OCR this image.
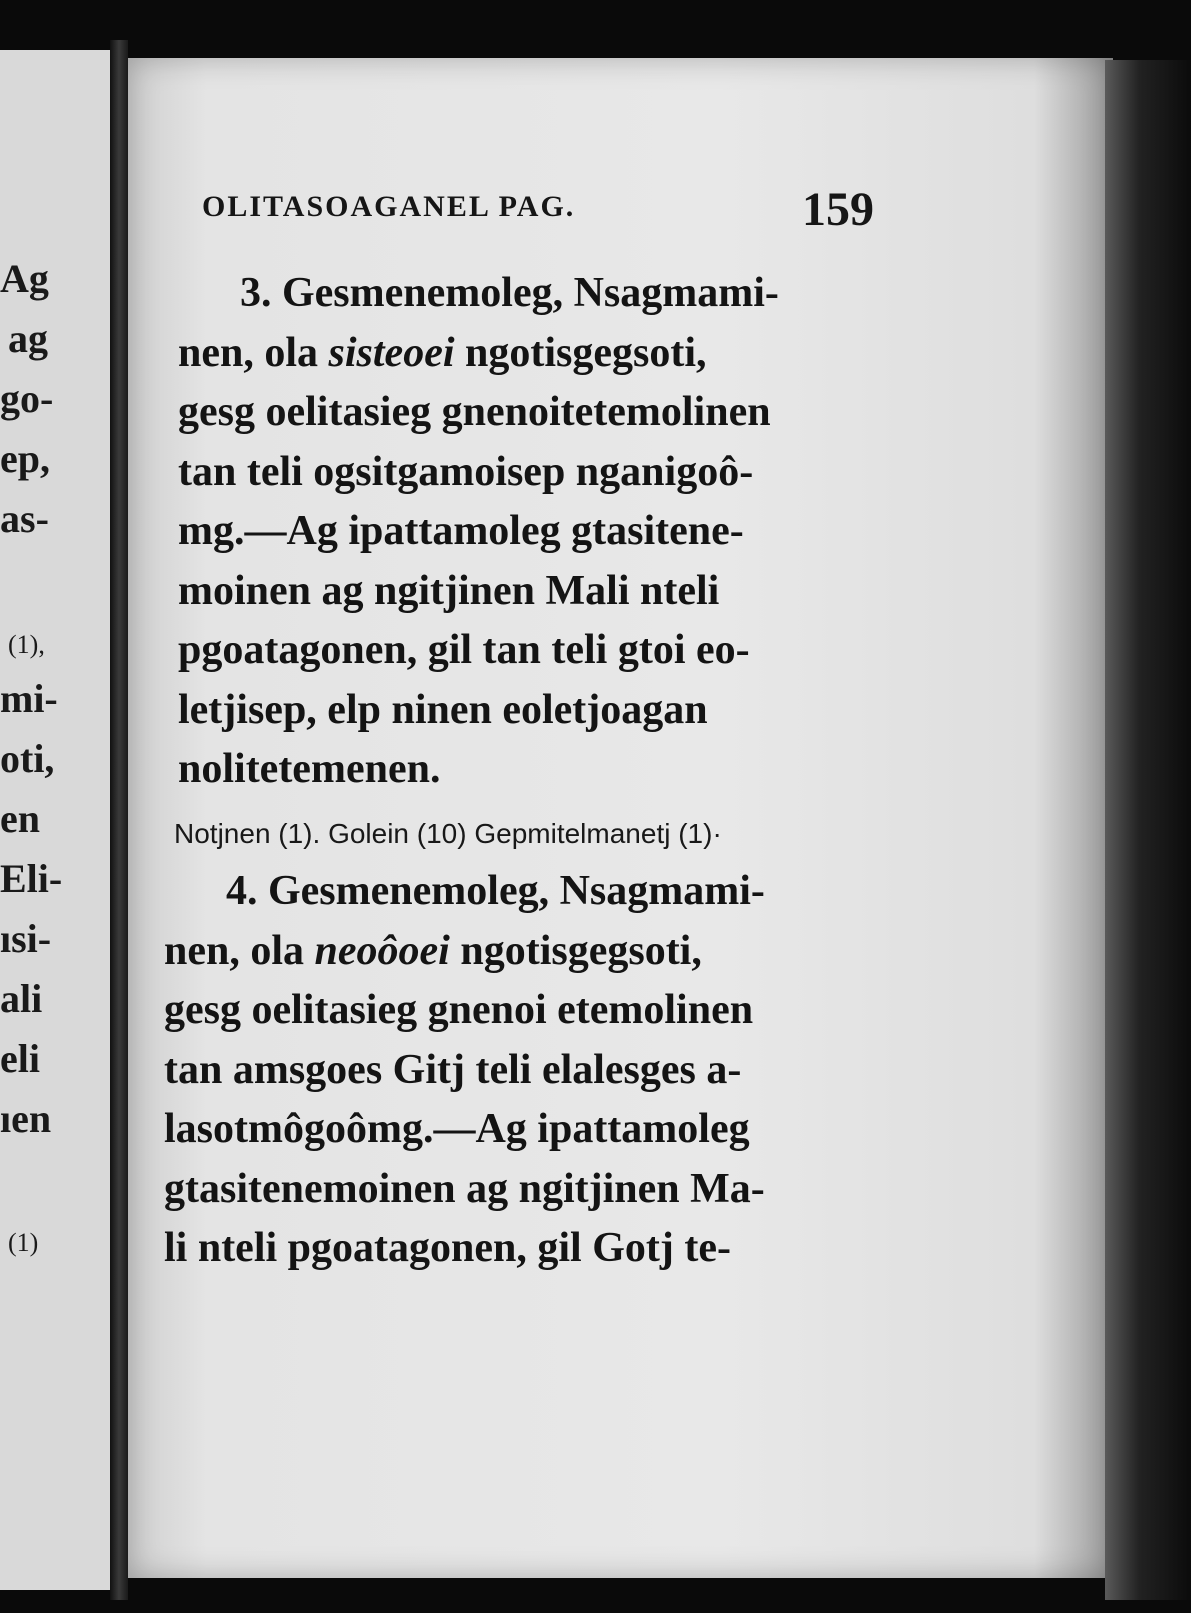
Ag
ag
go-
ep,
as-
(1),
mi-
oti,
en
Eli-
ısi-
ali
eli
ıen
(1)
OLITASOAGANEL PAG.	159
3. Gesmenemoleg, Nsagmami-
nen, ola sisteoei ngotisgegsoti,
gesg oelitasieg gnenoitetemolinen
tan teli ogsitgamoisep nganigoô-
mg.—Ag ipattamoleg gtasitene-
moinen ag ngitjinen Mali nteli
pgoatagonen, gil tan teli gtoi eo-
letjisep, elp ninen eoletjoagan
nolitetemenen.
Notjnen (1). Golein (10) Gepmitelmanetj (1)·
4. Gesmenemoleg, Nsagmami-
nen, ola neoôoei ngotisgegsoti,
gesg oelitasieg gnenoi etemolinen
tan amsgoes Gitj teli elalesges a-
lasotmôgoômg.—Ag ipattamoleg
gtasitenemoinen ag ngitjinen Ma-
li nteli pgoatagonen, gil Gotj te-
